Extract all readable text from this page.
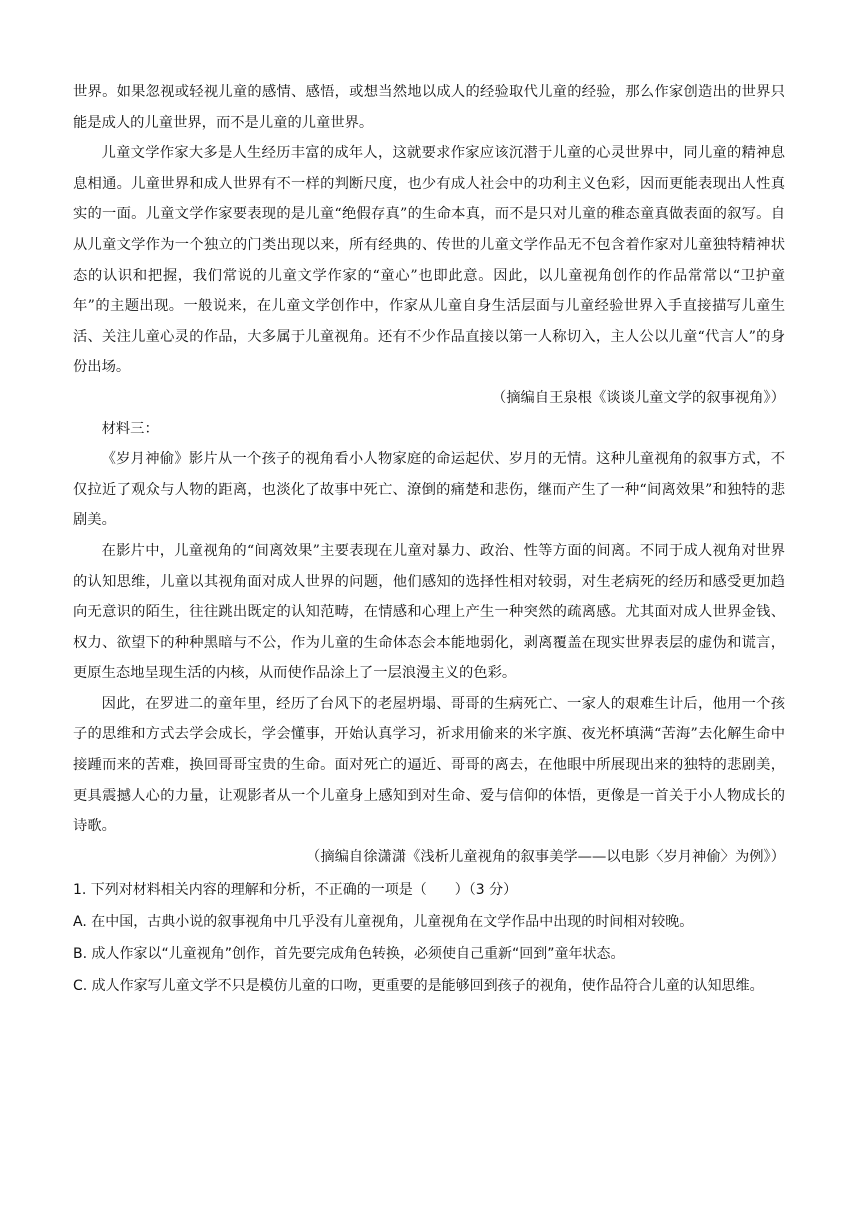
世界。如果忽视或轻视儿童的感情、感悟，或想当然地以成人的经验取代儿童的经验，那么作家创造出的世界只能是成人的儿童世界，而不是儿童的儿童世界。

儿童文学作家大多是人生经历丰富的成年人，这就要求作家应该沉潜于儿童的心灵世界中，同儿童的精神息息相通。儿童世界和成人世界有不一样的判断尺度，也少有成人社会中的功利主义色彩，因而更能表现出人性真实的一面。儿童文学作家要表现的是儿童“绝假存真”的生命本真，而不是只对儿童的稚态童真做表面的叙写。自从儿童文学作为一个独立的门类出现以来，所有经典的、传世的儿童文学作品无不包含着作家对儿童独特精神状态的认识和把握，我们常说的儿童文学作家的“童心”也即此意。因此，以儿童视角创作的作品常常以“卫护童年”的主题出现。一般说来，在儿童文学创作中，作家从儿童自身生活层面与儿童经验世界入手直接描写儿童生活、关注儿童心灵的作品，大多属于儿童视角。还有不少作品直接以第一人称切入，主人公以儿童“代言人”的身份出场。

（摘编自王泉根《谈谈儿童文学的叙事视角》）

材料三：

《岁月神偷》影片从一个孩子的视角看小人物家庭的命运起伏、岁月的无情。这种儿童视角的叙事方式，不仅拉近了观众与人物的距离，也淡化了故事中死亡、潦倒的痛楚和悲伤，继而产生了一种“间离效果”和独特的悲剧美。

在影片中，儿童视角的“间离效果”主要表现在儿童对暴力、政治、性等方面的间离。不同于成人视角对世界的认知思维，儿童以其视角面对成人世界的问题，他们感知的选择性相对较弱，对生老病死的经历和感受更加趋向无意识的陌生，往往跳出既定的认知范畴，在情感和心理上产生一种突然的疏离感。尤其面对成人世界金钱、权力、欲望下的种种黑暗与不公，作为儿童的生命体态会本能地弱化，剥离覆盖在现实世界表层的虚伪和谎言，更原生态地呈现生活的内核，从而使作品涂上了一层浪漫主义的色彩。

因此，在罗进二的童年里，经历了台风下的老屋坍塌、哥哥的生病死亡、一家人的艰难生计后，他用一个孩子的思维和方式去学会成长，学会懂事，开始认真学习，祈求用偷来的米字旗、夜光杯填满“苦海”去化解生命中接踵而来的苦难，换回哥哥宝贵的生命。面对死亡的逼近、哥哥的离去，在他眼中所展现出来的独特的悲剧美，更具震撼人心的力量，让观影者从一个儿童身上感知到对生命、爱与信仰的体悟，更像是一首关于小人物成长的诗歌。

（摘编自徐潇潇《浅析儿童视角的叙事美学——以电影〈岁月神偷〉为例》）

1. 下列对材料相关内容的理解和分析，不正确的一项是（　　）（3 分）

A. 在中国，古典小说的叙事视角中几乎没有儿童视角，儿童视角在文学作品中出现的时间相对较晚。

B. 成人作家以“儿童视角”创作，首先要完成角色转换，必须使自己重新“回到”童年状态。

C. 成人作家写儿童文学不只是模仿儿童的口吻，更重要的是能够回到孩子的视角，使作品符合儿童的认知思维。
